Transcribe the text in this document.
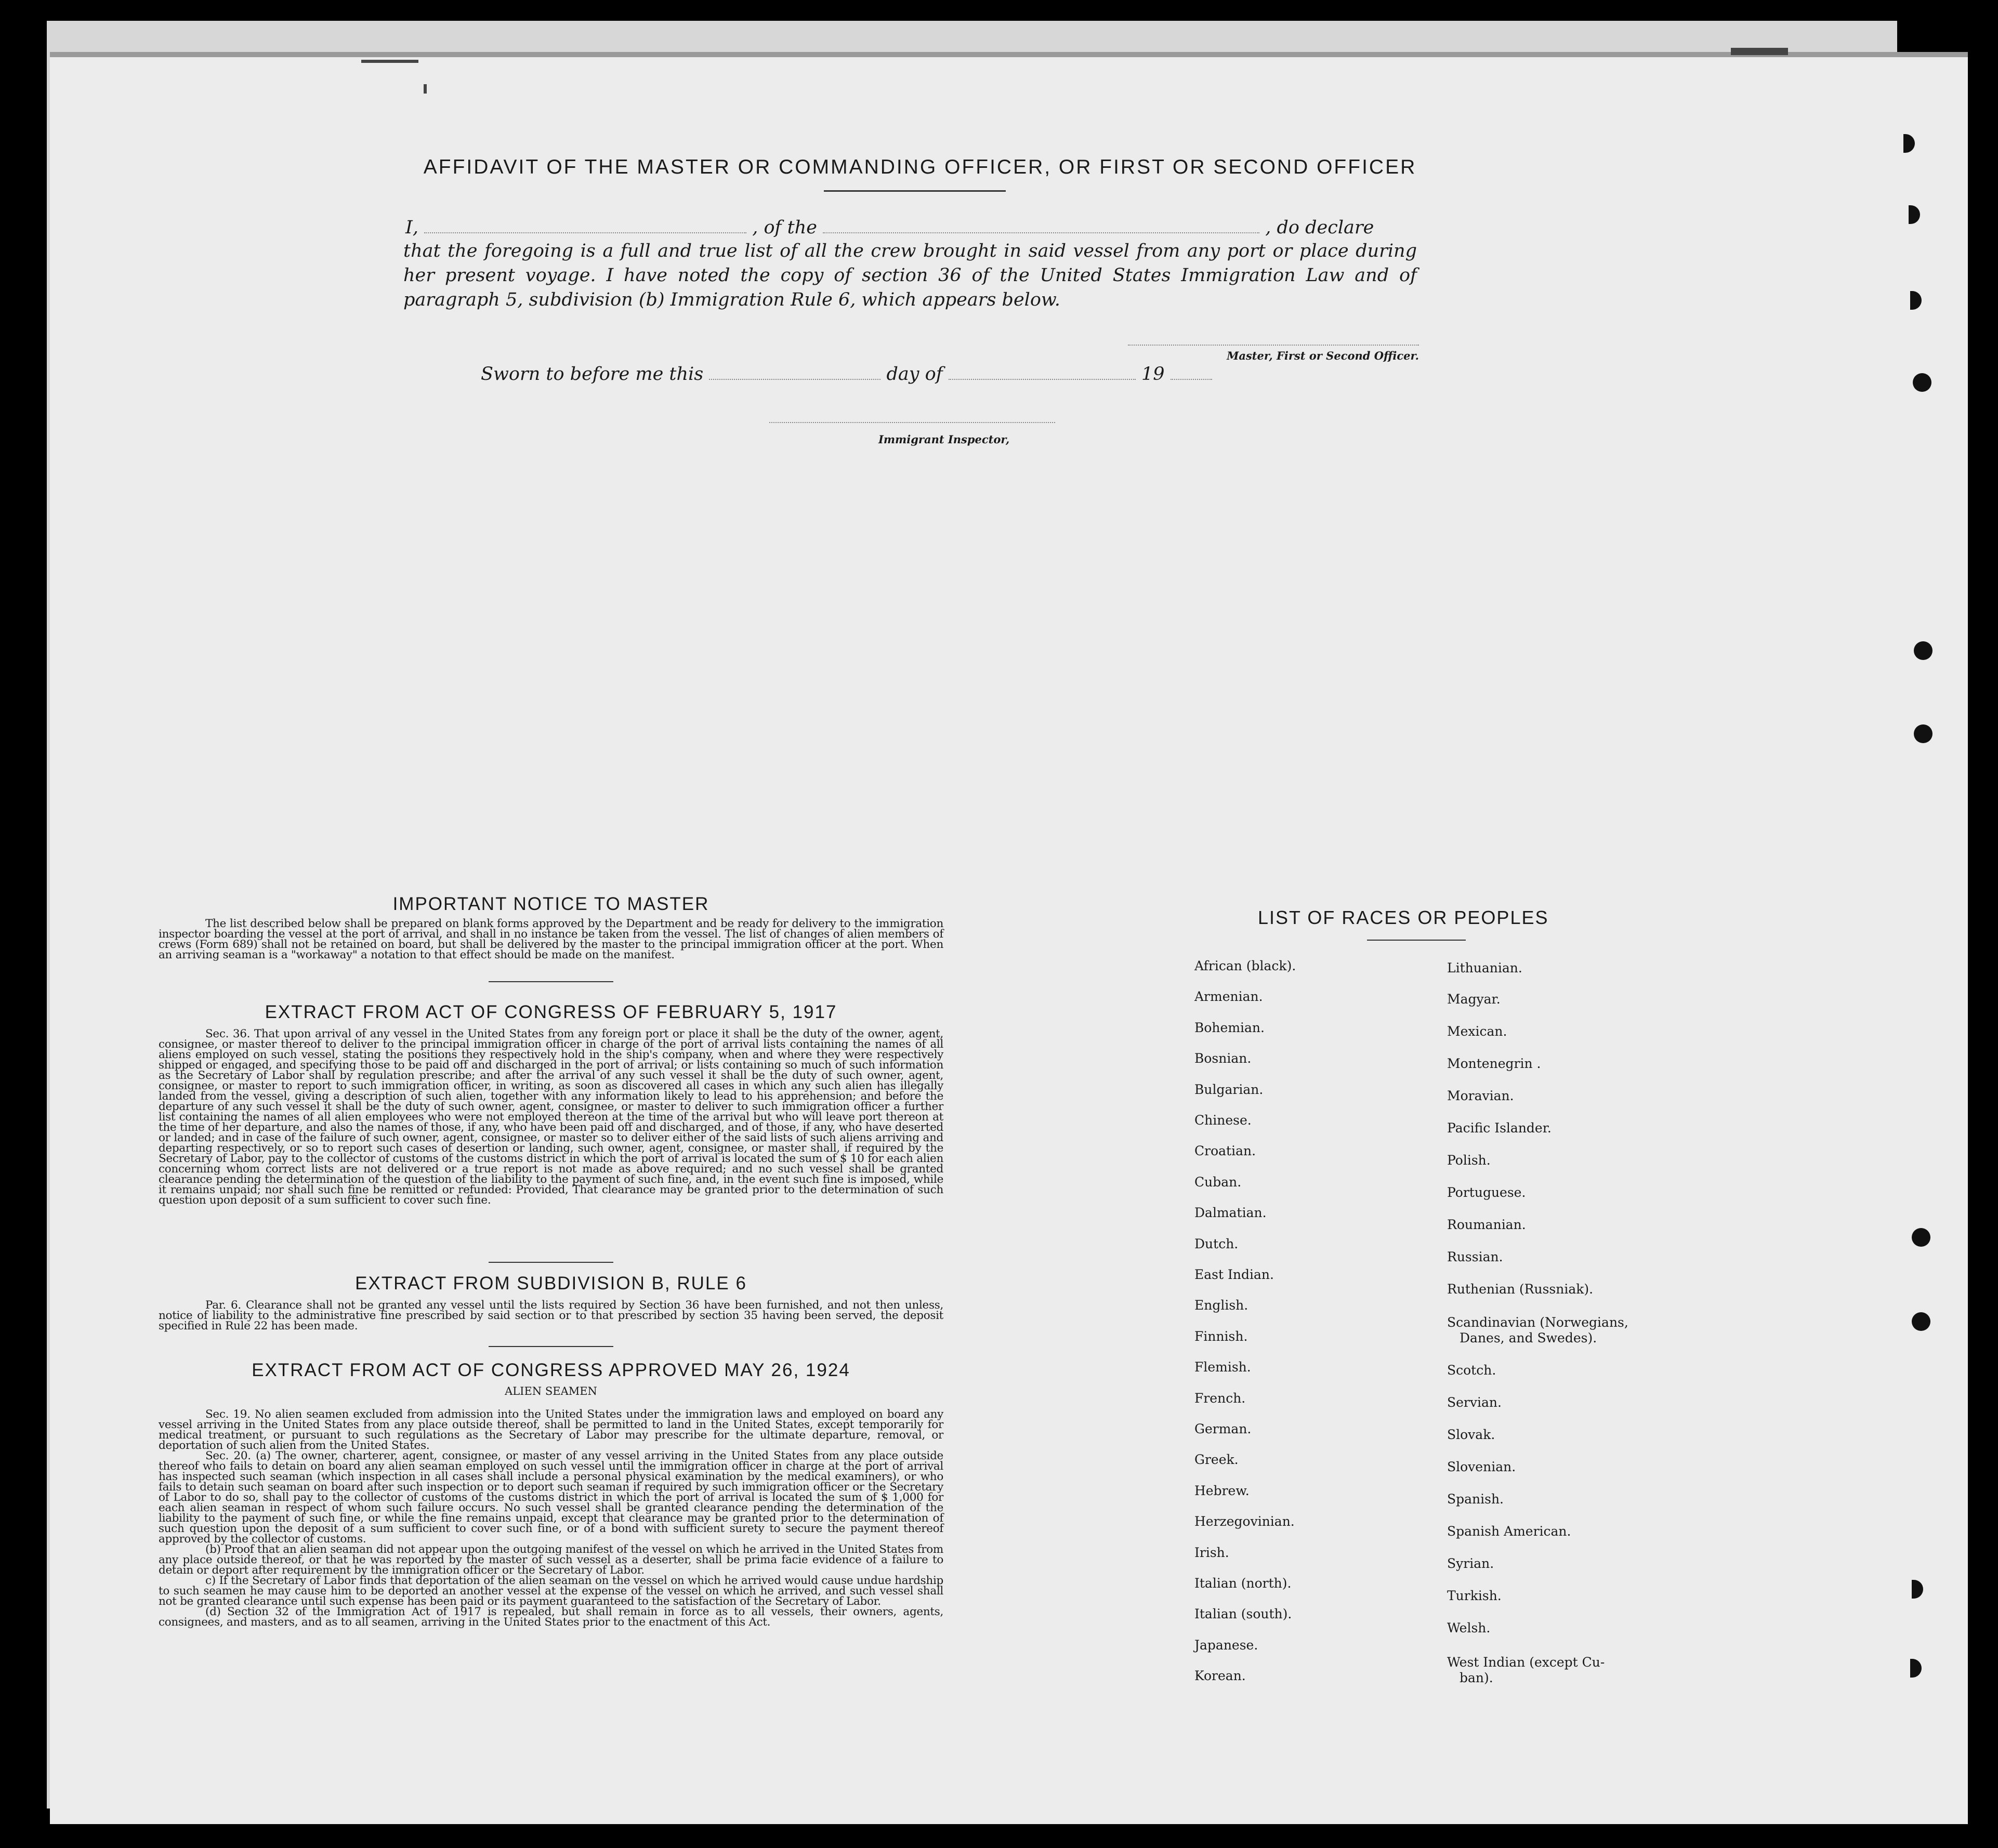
AFFIDAVIT OF THE MASTER OR COMMANDING OFFICER, OR FIRST OR SECOND OFFICER
I,	, of the	, do declare
that the foregoing is a full and true list of all the crew brought in said vessel from any port or place during her present voyage. I have noted the copy of section 36 of the United States Immigration Law and of paragraph 5, subdivision (b) Immigration Rule 6, which appears below.
Master, First or Second Officer.
Sworn to before me this	day of	19
Immigrant Inspector,
IMPORTANT NOTICE TO MASTER

The list described below shall be prepared on blank forms approved by the Department and be ready for delivery to the immigration inspector boarding the vessel at the port of arrival, and shall in no instance be taken from the vessel. The list of changes of alien members of crews (Form 689) shall not be retained on board, but shall be delivered by the master to the principal immigration officer at the port. When an arriving seaman is a "workaway" a notation to that effect should be made on the manifest.

EXTRACT FROM ACT OF CONGRESS OF FEBRUARY 5, 1917

Sec. 36. That upon arrival of any vessel in the United States from any foreign port or place it shall be the duty of the owner, agent, consignee, or master thereof to deliver to the principal immigration officer in charge of the port of arrival lists containing the names of all aliens employed on such vessel, stating the positions they respectively hold in the ship's company, when and where they were respectively shipped or engaged, and specifying those to be paid off and discharged in the port of arrival; or lists containing so much of such information as the Secretary of Labor shall by regulation prescribe; and after the arrival of any such vessel it shall be the duty of such owner, agent, consignee, or master to report to such immigration officer, in writing, as soon as discovered all cases in which any such alien has illegally landed from the vessel, giving a description of such alien, together with any information likely to lead to his apprehension; and before the departure of any such vessel it shall be the duty of such owner, agent, consignee, or master to deliver to such immigration officer a further list containing the names of all alien employees who were not employed thereon at the time of the arrival but who will leave port thereon at the time of her departure, and also the names of those, if any, who have been paid off and discharged, and of those, if any, who have deserted or landed; and in case of the failure of such owner, agent, consignee, or master so to deliver either of the said lists of such aliens arriving and departing respectively, or so to report such cases of desertion or landing, such owner, agent, consignee, or master shall, if required by the Secretary of Labor, pay to the collector of customs of the customs district in which the port of arrival is located the sum of $ 10 for each alien concerning whom correct lists are not delivered or a true report is not made as above required; and no such vessel shall be granted clearance pending the determination of the question of the liability to the payment of such fine, and, in the event such fine is imposed, while it remains unpaid; nor shall such fine be remitted or refunded: Provided, That clearance may be granted prior to the determination of such question upon deposit of a sum sufficient to cover such fine.

EXTRACT FROM SUBDIVISION B, RULE 6

Par. 6. Clearance shall not be granted any vessel until the lists required by Section 36 have been furnished, and not then unless, notice of liability to the administrative fine prescribed by said section or to that prescribed by section 35 having been served, the deposit specified in Rule 22 has been made.

EXTRACT FROM ACT OF CONGRESS APPROVED MAY 26, 1924
ALIEN SEAMEN

Sec. 19. No alien seamen excluded from admission into the United States under the immigration laws and employed on board any vessel arriving in the United States from any place outside thereof, shall be permitted to land in the United States, except temporarily for medical treatment, or pursuant to such regulations as the Secretary of Labor may prescribe for the ultimate departure, removal, or deportation of such alien from the United States.

Sec. 20. (a) The owner, charterer, agent, consignee, or master of any vessel arriving in the United States from any place outside thereof who fails to detain on board any alien seaman employed on such vessel until the immigration officer in charge at the port of arrival has inspected such seaman (which inspection in all cases shall include a personal physical examination by the medical examiners), or who fails to detain such seaman on board after such inspection or to deport such seaman if required by such immigration officer or the Secretary of Labor to do so, shall pay to the collector of customs of the customs district in which the port of arrival is located the sum of $ 1,000 for each alien seaman in respect of whom such failure occurs. No such vessel shall be granted clearance pending the determination of the liability to the payment of such fine, or while the fine remains unpaid, except that clearance may be granted prior to the determination of such question upon the deposit of a sum sufficient to cover such fine, or of a bond with sufficient surety to secure the payment thereof approved by the collector of customs.

(b) Proof that an alien seaman did not appear upon the outgoing manifest of the vessel on which he arrived in the United States from any place outside thereof, or that he was reported by the master of such vessel as a deserter, shall be prima facie evidence of a failure to detain or deport after requirement by the immigration officer or the Secretary of Labor.

c) If the Secretary of Labor finds that deportation of the alien seaman on the vessel on which he arrived would cause undue hardship to such seamen he may cause him to be deported an another vessel at the expense of the vessel on which he arrived, and such vessel shall not be granted clearance until such expense has been paid or its payment guaranteed to the satisfaction of the Secretary of Labor.

(d) Section 32 of the Immigration Act of 1917 is repealed, but shall remain in force as to all vessels, their owners, agents, consignees, and masters, and as to all seamen, arriving in the United States prior to the enactment of this Act.

LIST OF RACES OR PEOPLES
African (black).
Armenian.
Bohemian.
Bosnian.
Bulgarian.
Chinese.
Croatian.
Cuban.
Dalmatian.
Dutch.
East Indian.
English.
Finnish.
Flemish.
French.
German.
Greek.
Hebrew.
Herzegovinian.
Irish.
Italian (north).
Italian (south).
Japanese.
Korean.
Lithuanian.
Magyar.
Mexican.
Montenegrin .
Moravian.
Pacific Islander.
Polish.
Portuguese.
Roumanian.
Russian.
Ruthenian (Russniak).
Scandinavian (Norwegians,
Danes, and Swedes).
Scotch.
Servian.
Slovak.
Slovenian.
Spanish.
Spanish American.
Syrian.
Turkish.
Welsh.
West Indian (except Cu-
ban).
